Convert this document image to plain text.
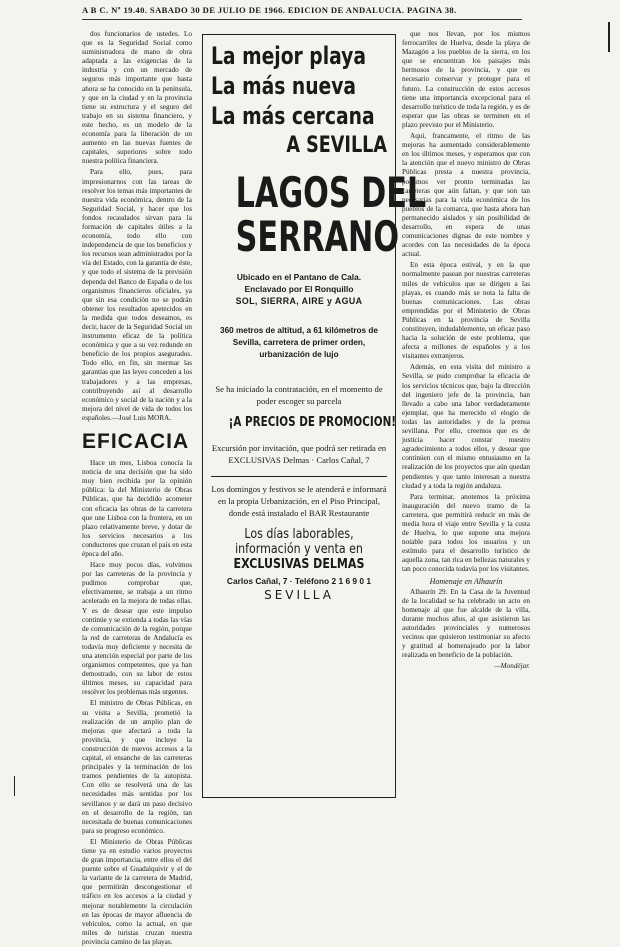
A B C. Nº 19.40. SABADO 30 DE JULIO DE 1966. EDICION DE ANDALUCIA. PAGINA 38.

dos funcionarios de ustedes. Lo que es la Seguridad Social como suministradora de mano de obra adaptada a las exigencias de la industria y con un mercado de seguros más importante que hasta ahora se ha conocido en la península, y que en la ciudad y en la provincia tiene su estructura y el seguro del trabajo en su sistema financiero, y este hecho, es un modelo de la economía para la liberación de un aumento en las nuevas fuentes de capitales, superiores sobre todo nuestra política financiera.

Para ello, pues, para impresionarnos con las tareas de resolver los temas más importantes de nuestra vida económica, dentro de la Seguridad Social, y hacer que los fondos recaudados sirvan para la formación de capitales útiles a la economía, todo ello con independencia de que los beneficios y los recursos sean administrados por la vía del Estado, con la garantía de éste, y que todo el sistema de la previsión dependa del Banco de España o de los organismos financieros oficiales, ya que sin esa condición no se podrán obtener los resultados apetecidos en la medida que todos deseamos, es decir, hacer de la Seguridad Social un instrumento eficaz de la política económica y que a su vez redunde en beneficio de los propios asegurados. Todo ello, en fin, sin mermar las garantías que las leyes conceden a los trabajadores y a las empresas, contribuyendo así al desarrollo económico y social de la nación y a la mejora del nivel de vida de todos los españoles.—José Luis MORA.

EFICACIA

Hace un mes, Lisboa conocía la noticia de una decisión que ha sido muy bien recibida por la opinión pública: la del Ministerio de Obras Públicas, que ha decidido acometer con eficacia las obras de la carretera que une Lisboa con la frontera, en un plazo relativamente breve, y dotar de los servicios necesarios a los conductores que cruzan el país en esta época del año.

Hace muy pocos días, volvimos por las carreteras de la provincia y pudimos comprobar que, efectivamente, se trabaja a un ritmo acelerado en la mejora de todas ellas. Y es de desear que este impulso continúe y se extienda a todas las vías de comunicación de la región, porque la red de carreteras de Andalucía es todavía muy deficiente y necesita de una atención especial por parte de los organismos competentes, que ya han demostrado, con su labor de estos últimos meses, su capacidad para resolver los problemas más urgentes.

El ministro de Obras Públicas, en su visita a Sevilla, prometió la realización de un amplio plan de mejoras que afectará a toda la provincia, y que incluye la construcción de nuevos accesos a la capital, el ensanche de las carreteras principales y la terminación de los tramos pendientes de la autopista. Con ello se resolverá una de las necesidades más sentidas por los sevillanos y se dará un paso decisivo en el desarrollo de la región, tan necesitada de buenas comunicaciones para su progreso económico.

El Ministerio de Obras Públicas tiene ya en estudio varios proyectos de gran importancia, entre ellos el del puente sobre el Guadalquivir y el de la variante de la carretera de Madrid, que permitirán descongestionar el tráfico en los accesos a la ciudad y mejorar notablemente la circulación en las épocas de mayor afluencia de vehículos, como la actual, en que miles de turistas cruzan nuestra provincia camino de las playas.

La mejor playa
La más nueva
La más cercana
A SEVILLA
LAGOS DEL
SERRANO
Ubicado en el Pantano de Cala.
Enclavado por El Ronquillo
SOL, SIERRA, AIRE y AGUA
360 metros de altitud, a 61 kilómetros de Sevilla, carretera de primer orden, urbanización de lujo
Se ha iniciado la contratación, en el momento de poder escoger su parcela
¡A PRECIOS DE PROMOCION!
Excursión por invitación, que podrá ser retirada en EXCLUSIVAS Delmas · Carlos Cañal, 7
Los domingos y festivos se le atenderá e informará en la propia Urbanización, en el Piso Principal, donde está instalado el BAR Restaurante
Los días laborables,
información y venta en
EXCLUSIVAS DELMAS
Carlos Cañal, 7 · Teléfono 2 1 6 9 0 1
SEVILLA

que nos llevan, por los mismos ferrocarriles de Huelva, desde la playa de Mazagón a los pueblos de la sierra, en los que se encuentran los paisajes más hermosos de la provincia, y que es necesario conservar y proteger para el futuro. La construcción de estos accesos tiene una importancia excepcional para el desarrollo turístico de toda la región, y es de esperar que las obras se terminen en el plazo previsto por el Ministerio.

Aquí, francamente, el ritmo de las mejoras ha aumentado considerablemente en los últimos meses, y esperamos que con la atención que el nuevo ministro de Obras Públicas presta a nuestra provincia, podamos ver pronto terminadas las carreteras que aún faltan, y que son tan necesarias para la vida económica de los pueblos de la comarca, que hasta ahora han permanecido aislados y sin posibilidad de desarrollo, en espera de unas comunicaciones dignas de este nombre y acordes con las necesidades de la época actual.

En esta época estival, y en la que normalmente pasean por nuestras carreteras miles de vehículos que se dirigen a las playas, es cuando más se nota la falta de buenas comunicaciones. Las obras emprendidas por el Ministerio de Obras Públicas en la provincia de Sevilla constituyen, indudablemente, un eficaz paso hacia la solución de este problema, que afecta a millones de españoles y a los visitantes extranjeros.

Además, en esta visita del ministro a Sevilla, se pudo comprobar la eficacia de los servicios técnicos que, bajo la dirección del ingeniero jefe de la provincia, han llevado a cabo una labor verdaderamente ejemplar, que ha merecido el elogio de todas las autoridades y de la prensa sevillana. Por ello, creemos que es de justicia hacer constar nuestro agradecimiento a todos ellos, y desear que continúen con el mismo entusiasmo en la realización de los proyectos que aún quedan pendientes y que tanto interesan a nuestra ciudad y a toda la región andaluza.

Para terminar, anotemos la próxima inauguración del nuevo tramo de la carretera, que permitirá reducir en más de media hora el viaje entre Sevilla y la costa de Huelva, lo que supone una mejora notable para todos los usuarios y un estímulo para el desarrollo turístico de aquella zona, tan rica en bellezas naturales y tan poco conocida todavía por los visitantes.

Homenaje en Alhaurín

Alhaurín 29. En la Casa de la Juventud de la localidad se ha celebrado un acto en homenaje al que fue alcalde de la villa, durante muchos años, al que asistieron las autoridades provinciales y numerosos vecinos que quisieron testimoniar su afecto y gratitud al homenajeado por la labor realizada en beneficio de la población.

—Mondéjar.
